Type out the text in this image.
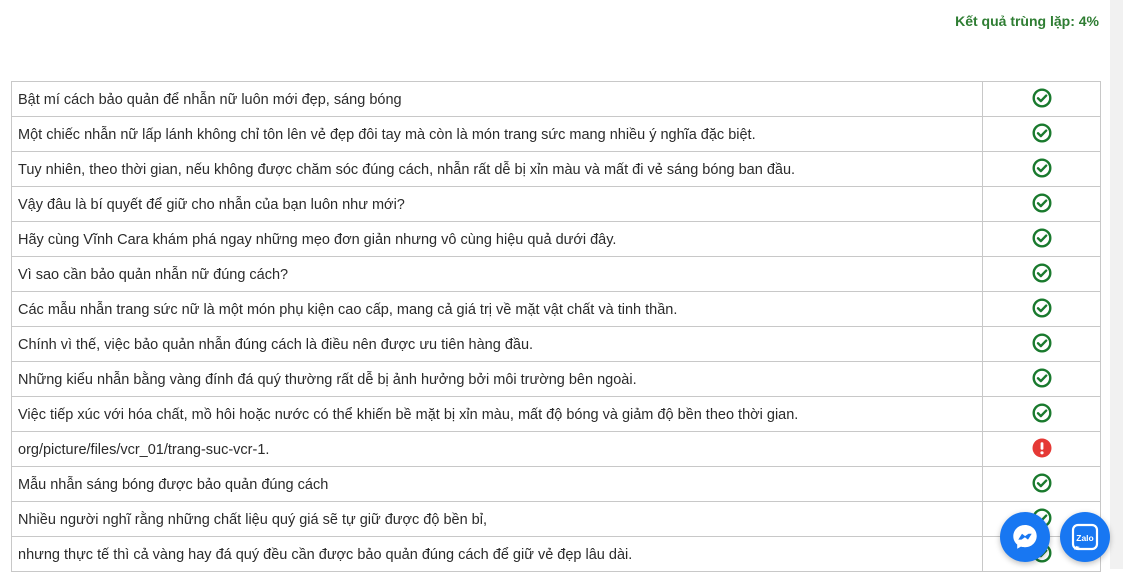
Kết quả trùng lặp: 4%
Bật mí cách bảo quản để nhẫn nữ luôn mới đẹp, sáng bóng
Một chiếc nhẫn nữ lấp lánh không chỉ tôn lên vẻ đẹp đôi tay mà còn là món trang sức mang nhiều ý nghĩa đặc biệt.
Tuy nhiên, theo thời gian, nếu không được chăm sóc đúng cách, nhẫn rất dễ bị xỉn màu và mất đi vẻ sáng bóng ban đầu.
Vậy đâu là bí quyết để giữ cho nhẫn của bạn luôn như mới?
Hãy cùng Vĩnh Cara khám phá ngay những mẹo đơn giản nhưng vô cùng hiệu quả dưới đây.
Vì sao cần bảo quản nhẫn nữ đúng cách?
Các mẫu nhẫn trang sức nữ là một món phụ kiện cao cấp, mang cả giá trị về mặt vật chất và tinh thần.
Chính vì thế, việc bảo quản nhẫn đúng cách là điều nên được ưu tiên hàng đầu.
Những kiểu nhẫn bằng vàng đính đá quý thường rất dễ bị ảnh hưởng bởi môi trường bên ngoài.
Việc tiếp xúc với hóa chất, mồ hôi hoặc nước có thể khiến bề mặt bị xỉn màu, mất độ bóng và giảm độ bền theo thời gian.
org/picture/files/vcr_01/trang-suc-vcr-1.
Mẫu nhẫn sáng bóng được bảo quản đúng cách
Nhiều người nghĩ rằng những chất liệu quý giá sẽ tự giữ được độ bền bỉ,
nhưng thực tế thì cả vàng hay đá quý đều cần được bảo quản đúng cách để giữ vẻ đẹp lâu dài.
Zalo
